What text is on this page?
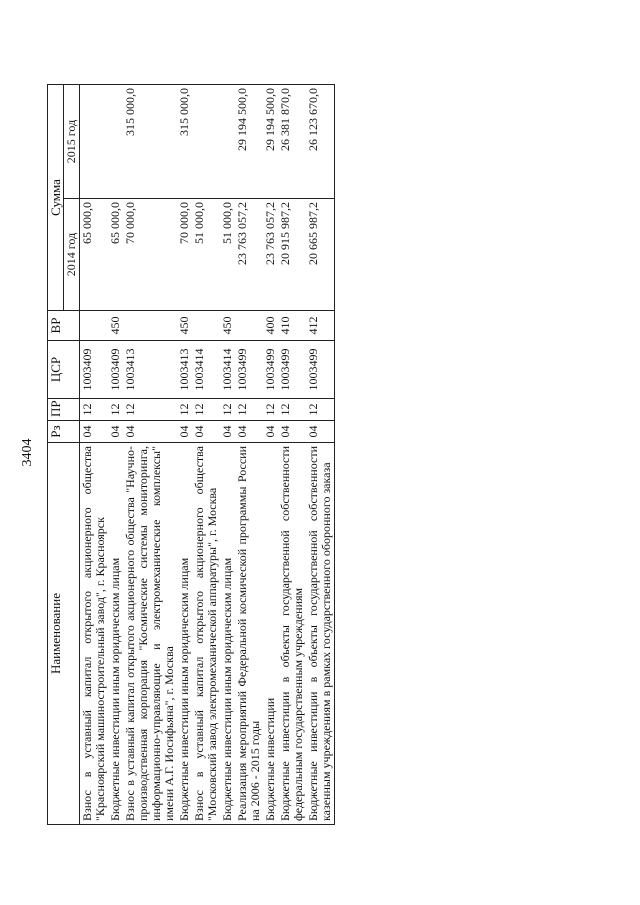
3404
Наименование	Рз	ПР	ЦСР	ВР	Сумма	
					2014 год	2015 год
Взнос в уставный капитал открытого акционерного общества "Красноярский машиностроительный завод", г. Красноярск	04	12	1003409		65 000,0	
Бюджетные инвестиции иным юридическим лицам	04	12	1003409	450	65 000,0	
Взнос в уставный капитал открытого акционерного общества "Научно-производственная корпорация "Космические системы мониторинга, информационно-управляющие и электромеханические комплексы" имени А.Г. Иосифьяна", г. Москва	04	12	1003413		70 000,0	315 000,0
Бюджетные инвестиции иным юридическим лицам	04	12	1003413	450	70 000,0	315 000,0
Взнос в уставный капитал открытого акционерного общества "Московский завод электромеханической аппаратуры", г. Москва	04	12	1003414		51 000,0	
Бюджетные инвестиции иным юридическим лицам	04	12	1003414	450	51 000,0	
Реализация мероприятий Федеральной космической программы России на 2006 - 2015 годы	04	12	1003499		23 763 057,2	29 194 500,0
Бюджетные инвестиции	04	12	1003499	400	23 763 057,2	29 194 500,0
Бюджетные инвестиции в объекты государственной собственности федеральным государственным учреждениям	04	12	1003499	410	20 915 987,2	26 381 870,0
Бюджетные инвестиции в объекты государственной собственности казенным учреждениям в рамках государственного оборонного заказа	04	12	1003499	412	20 665 987,2	26 123 670,0
